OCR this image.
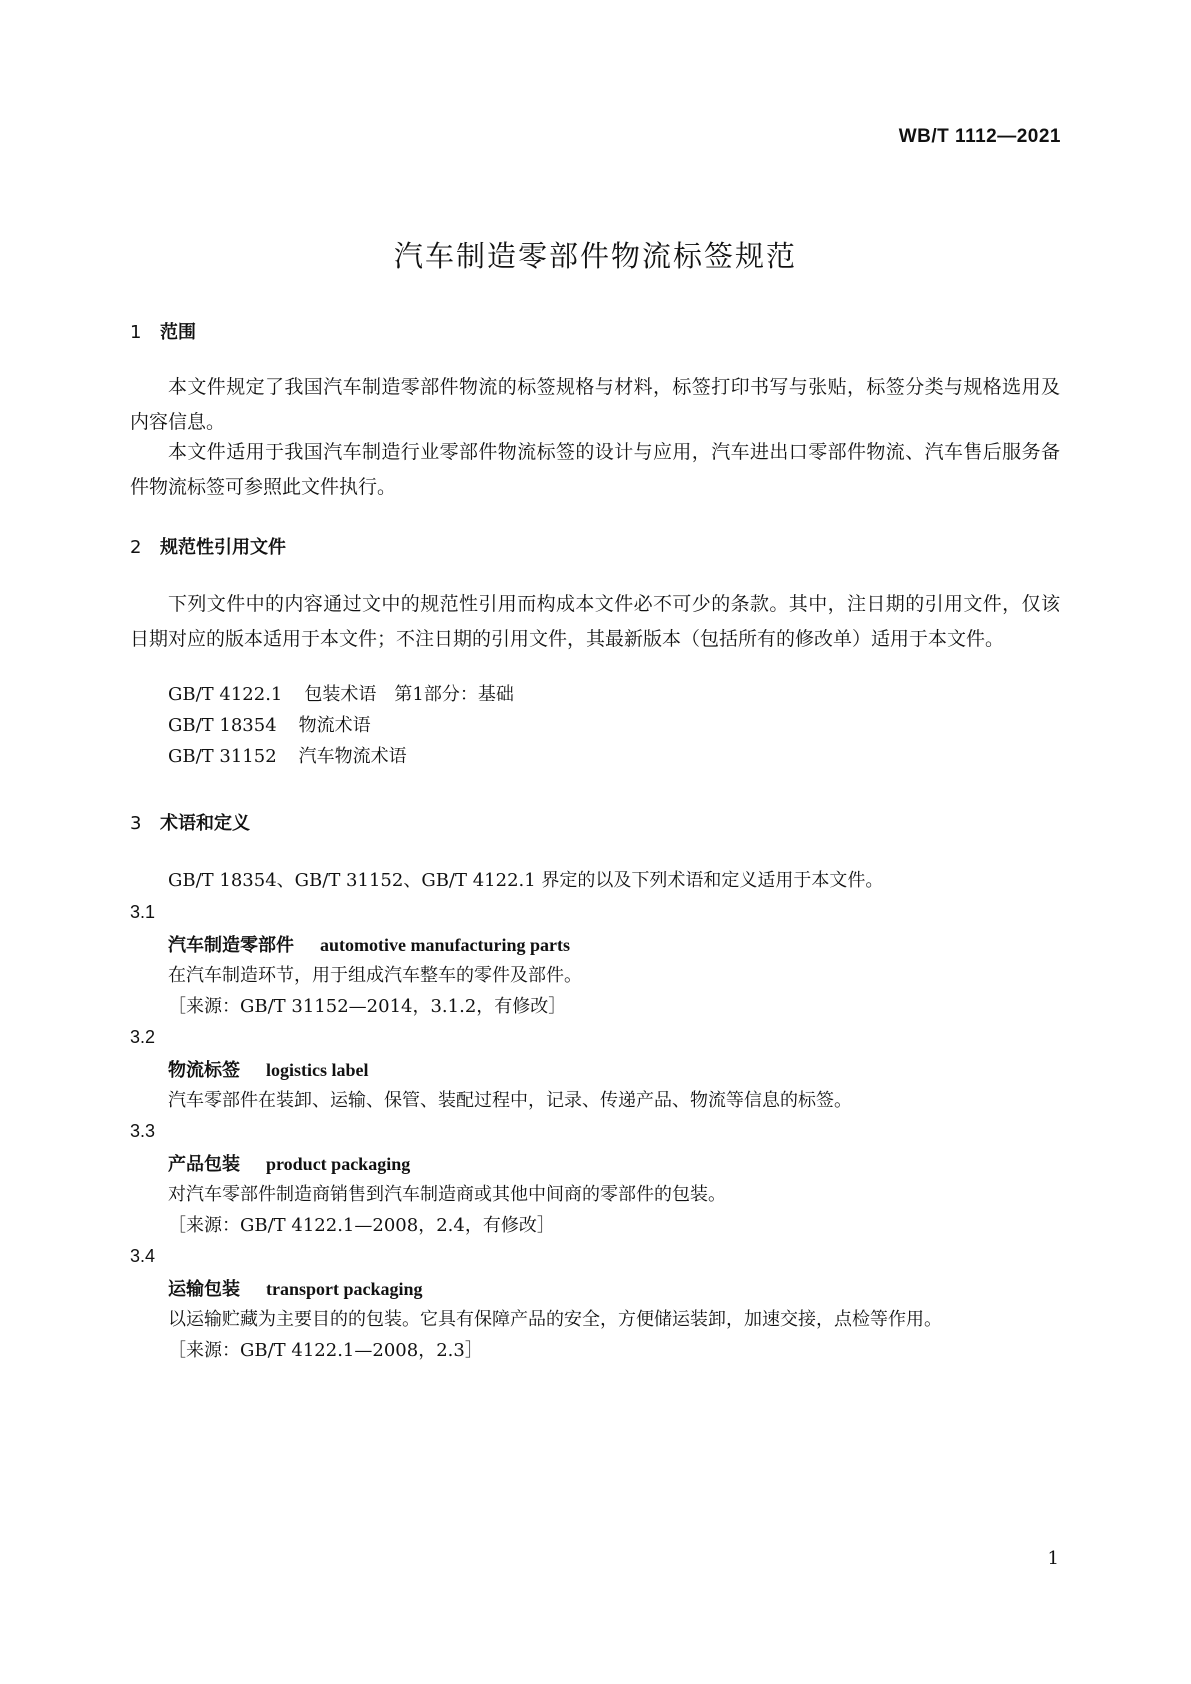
WB/T 1112—2021
汽车制造零部件物流标签规范
1 范围
本文件规定了我国汽车制造零部件物流的标签规格与材料，标签打印书写与张贴，标签分类与规格选用及内容信息。
本文件适用于我国汽车制造行业零部件物流标签的设计与应用，汽车进出口零部件物流、汽车售后服务备件物流标签可参照此文件执行。
2 规范性引用文件
下列文件中的内容通过文中的规范性引用而构成本文件必不可少的条款。其中，注日期的引用文件，仅该日期对应的版本适用于本文件；不注日期的引用文件，其最新版本（包括所有的修改单）适用于本文件。
GB/T 4122.1 包装术语　第1部分：基础
GB/T 18354 物流术语
GB/T 31152 汽车物流术语
3 术语和定义
GB/T 18354、GB/T 31152、GB/T 4122.1 界定的以及下列术语和定义适用于本文件。
3.1
汽车制造零部件 automotive manufacturing parts
在汽车制造环节，用于组成汽车整车的零件及部件。
［来源：GB/T 31152—2014，3.1.2，有修改］
3.2
物流标签 logistics label
汽车零部件在装卸、运输、保管、装配过程中，记录、传递产品、物流等信息的标签。
3.3
产品包装 product packaging
对汽车零部件制造商销售到汽车制造商或其他中间商的零部件的包装。
［来源：GB/T 4122.1—2008，2.4，有修改］
3.4
运输包装 transport packaging
以运输贮藏为主要目的的包装。它具有保障产品的安全，方便储运装卸，加速交接，点检等作用。
［来源：GB/T 4122.1—2008，2.3］
1
